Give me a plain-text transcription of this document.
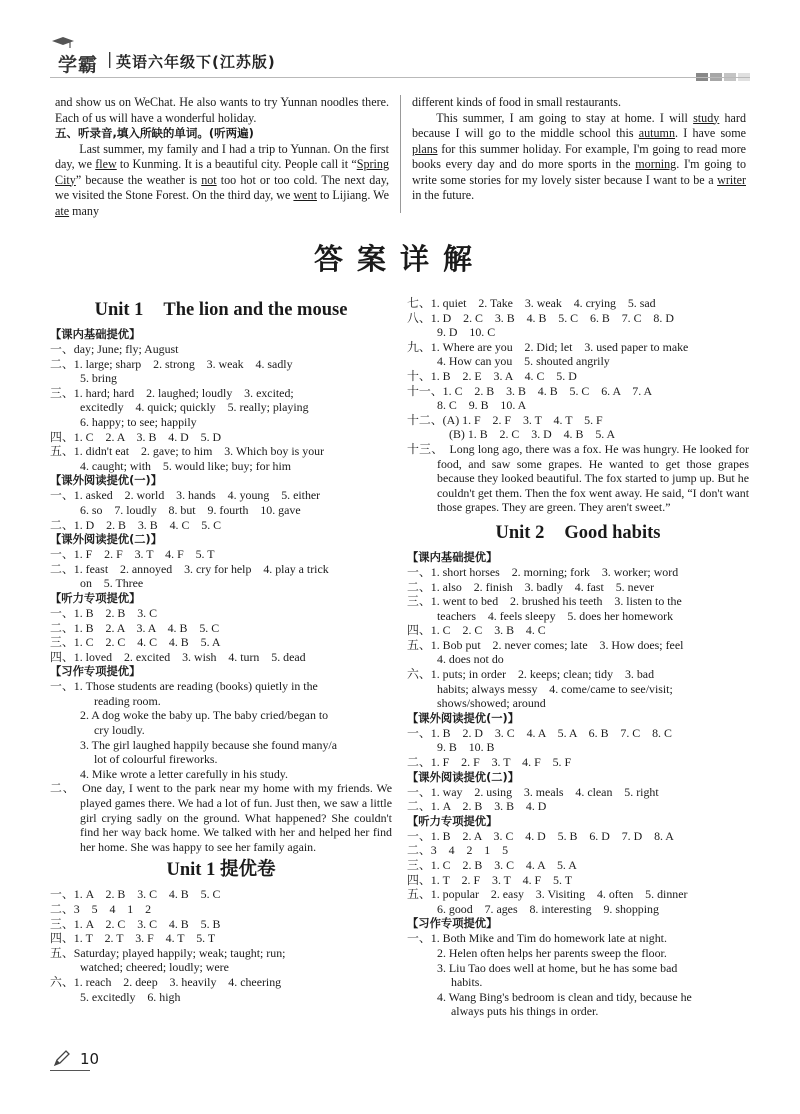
学霸 | 英语六年级下(江苏版)

and show us on WeChat. He also wants to try Yunnan noodles there. Each of us will have a wonderful holiday.

五、听录音,填入所缺的单词。(听两遍)

Last summer, my family and I had a trip to Yunnan. On the first day, we flew to Kunming. It is a beautiful city. People call it “Spring City” because the weather is not too hot or too cold. The next day, we visited the Stone Forest. On the third day, we went to Lijiang. We ate many

different kinds of food in small restaurants.

This summer, I am going to stay at home. I will study hard because I will go to the middle school this autumn. I have some plans for this summer holiday. For example, I'm going to read more books every day and do more sports in the morning. I'm going to write some stories for my lovely sister because I want to be a writer in the future.

答案详解
Unit 1 The lion and the mouse
【课内基础提优】
一、day; June; fly; August
二、1. large; sharp　2. strong　3. weak　4. sadly
5. bring
三、1. hard; hard　2. laughed; loudly　3. excited;
excitedly　4. quick; quickly　5. really; playing
6. happy; to see; happily
四、1. C　2. A　3. B　4. D　5. D
五、1. didn't eat　2. gave; to him　3. Which boy is your
4. caught; with　5. would like; buy; for him
【课外阅读提优(一)】
一、1. asked　2. world　3. hands　4. young　5. either
6. so　7. loudly　8. but　9. fourth　10. gave
二、1. D　2. B　3. B　4. C　5. C
【课外阅读提优(二)】
一、1. F　2. F　3. T　4. F　5. T
二、1. feast　2. annoyed　3. cry for help　4. play a trick
on　5. Three
【听力专项提优】
一、1. B　2. B　3. C
二、1. B　2. A　3. A　4. B　5. C
三、1. C　2. C　4. C　4. B　5. A
四、1. loved　2. excited　3. wish　4. turn　5. dead
【习作专项提优】
一、1. Those students are reading (books) quietly in the
reading room.
2. A dog woke the baby up. The baby cried/began to
cry loudly.
3. The girl laughed happily because she found many/a
lot of colourful fireworks.
4. Mike wrote a letter carefully in his study.
二、　One day, I went to the park near my home with my friends. We played games there. We had a lot of fun. Just then, we saw a little girl crying sadly on the ground. What happened? She couldn't find her way back home. We talked with her and helped her find her home. She was happy to see her family again.
Unit 1 提优卷
一、1. A　2. B　3. C　4. B　5. C
二、3　5　4　1　2
三、1. A　2. C　3. C　4. B　5. B
四、1. T　2. T　3. F　4. T　5. T
五、Saturday; played happily; weak; taught; run;
watched; cheered; loudly; were
六、1. reach　2. deep　3. heavily　4. cheering
5. excitedly　6. high
七、1. quiet　2. Take　3. weak　4. crying　5. sad
八、1. D　2. C　3. B　4. B　5. C　6. B　7. C　8. D
9. D　10. C
九、1. Where are you　2. Did; let　3. used paper to make
4. How can you　5. shouted angrily
十、1. B　2. E　3. A　4. C　5. D
十一、1. C　2. B　3. B　4. B　5. C　6. A　7. A
8. C　9. B　10. A
十二、(A) 1. F　2. F　3. T　4. T　5. F
(B) 1. B　2. C　3. D　4. B　5. A
十三、　Long long ago, there was a fox. He was hungry. He looked for food, and saw some grapes. He wanted to get those grapes because they looked beautiful. The fox started to jump up. But he couldn't get them. Then the fox went away. He said, “I don't want those grapes. They are green. They aren't sweet.”
Unit 2 Good habits
【课内基础提优】
一、1. short horses　2. morning; fork　3. worker; word
二、1. also　2. finish　3. badly　4. fast　5. never
三、1. went to bed　2. brushed his teeth　3. listen to the
teachers　4. feels sleepy　5. does her homework
四、1. C　2. C　3. B　4. C
五、1. Bob put　2. never comes; late　3. How does; feel
4. does not do
六、1. puts; in order　2. keeps; clean; tidy　3. bad
habits; always messy　4. come/came to see/visit;
shows/showed; around
【课外阅读提优(一)】
一、1. B　2. D　3. C　4. A　5. A　6. B　7. C　8. C
9. B　10. B
二、1. F　2. F　3. T　4. F　5. F
【课外阅读提优(二)】
一、1. way　2. using　3. meals　4. clean　5. right
二、1. A　2. B　3. B　4. D
【听力专项提优】
一、1. B　2. A　3. C　4. D　5. B　6. D　7. D　8. A
二、3　4　2　1　5
三、1. C　2. B　3. C　4. A　5. A
四、1. T　2. F　3. T　4. F　5. T
五、1. popular　2. easy　3. Visiting　4. often　5. dinner
6. good　7. ages　8. interesting　9. shopping
【习作专项提优】
一、1. Both Mike and Tim do homework late at night.
2. Helen often helps her parents sweep the floor.
3. Liu Tao does well at home, but he has some bad
habits.
4. Wang Bing's bedroom is clean and tidy, because he
always puts his things in order.
10
